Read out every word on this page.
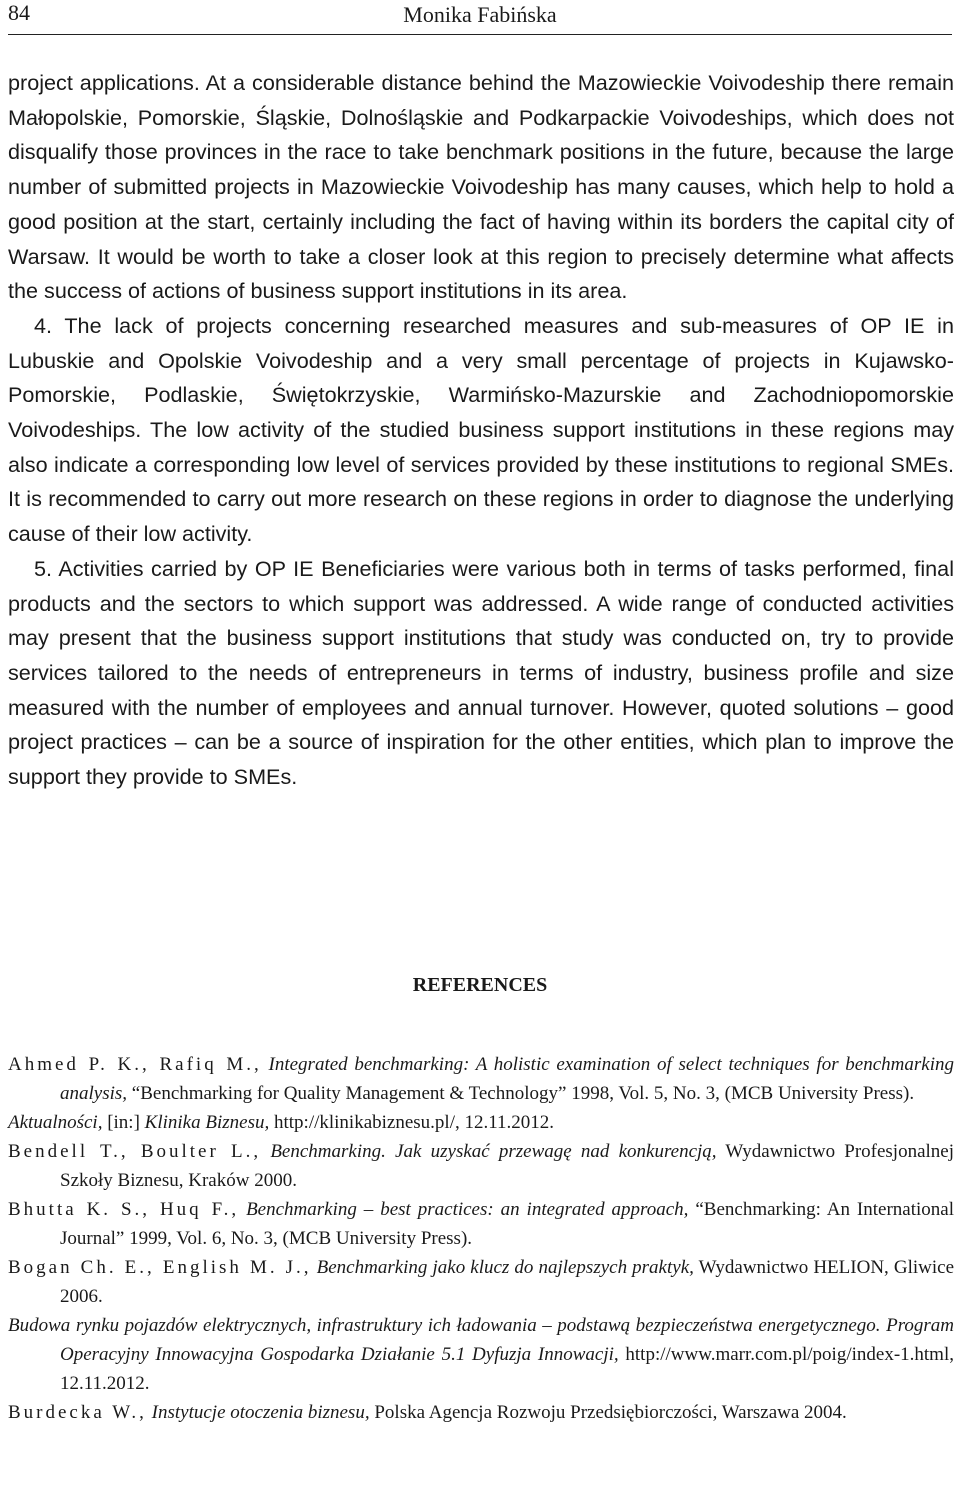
84	Monika Fabińska

project applications. At a considerable distance behind the Mazowieckie Voivodeship there remain Małopolskie, Pomorskie, Śląskie, Dolnośląskie and Podkarpackie Voivodeships, which does not disqualify those provinces in the race to take benchmark positions in the future, because the large number of submitted projects in Mazowieckie Voivodeship has many causes, which help to hold a good position at the start, certainly including the fact of having within its borders the capital city of Warsaw. It would be worth to take a closer look at this region to precisely determine what affects the success of actions of business support institutions in its area.

4. The lack of projects concerning researched measures and sub-measures of OP IE in Lubuskie and Opolskie Voivodeship and a very small percentage of projects in Kujawsko-Pomorskie, Podlaskie, Świętokrzyskie, Warmińsko-Mazurskie and Zachodniopomorskie Voivodeships. The low activity of the studied business support institutions in these regions may also indicate a corresponding low level of services provided by these institutions to regional SMEs. It is recommended to carry out more research on these regions in order to diagnose the underlying cause of their low activity.

5. Activities carried by OP IE Beneficiaries were various both in terms of tasks performed, final products and the sectors to which support was addressed. A wide range of conducted activities may present that the business support institutions that study was conducted on, try to provide services tailored to the needs of entrepreneurs in terms of industry, business profile and size measured with the number of employees and annual turnover. However, quoted solutions – good project practices – can be a source of inspiration for the other entities, which plan to improve the support they provide to SMEs.

REFERENCES

Ahmed P. K., Rafiq M., Integrated benchmarking: A holistic examination of select techniques for benchmarking analysis, “Benchmarking for Quality Management & Technology” 1998, Vol. 5, No. 3, (MCB University Press).

Aktualności, [in:] Klinika Biznesu, http://klinikabiznesu.pl/, 12.11.2012.

Bendell T., Boulter L., Benchmarking. Jak uzyskać przewagę nad konkurencją, Wydawnictwo Profesjonalnej Szkoły Biznesu, Kraków 2000.

Bhutta K. S., Huq F., Benchmarking – best practices: an integrated approach, “Benchmarking: An International Journal” 1999, Vol. 6, No. 3, (MCB University Press).

Bogan Ch. E., English M. J., Benchmarking jako klucz do najlepszych praktyk, Wydawnictwo HELION, Gliwice 2006.

Budowa rynku pojazdów elektrycznych, infrastruktury ich ładowania – podstawą bezpieczeństwa energetycznego. Program Operacyjny Innowacyjna Gospodarka Działanie 5.1 Dyfuzja Innowacji, http://www.marr.com.pl/poig/index-1.html, 12.11.2012.

Burdecka W., Instytucje otoczenia biznesu, Polska Agencja Rozwoju Przedsiębiorczości, Warszawa 2004.
